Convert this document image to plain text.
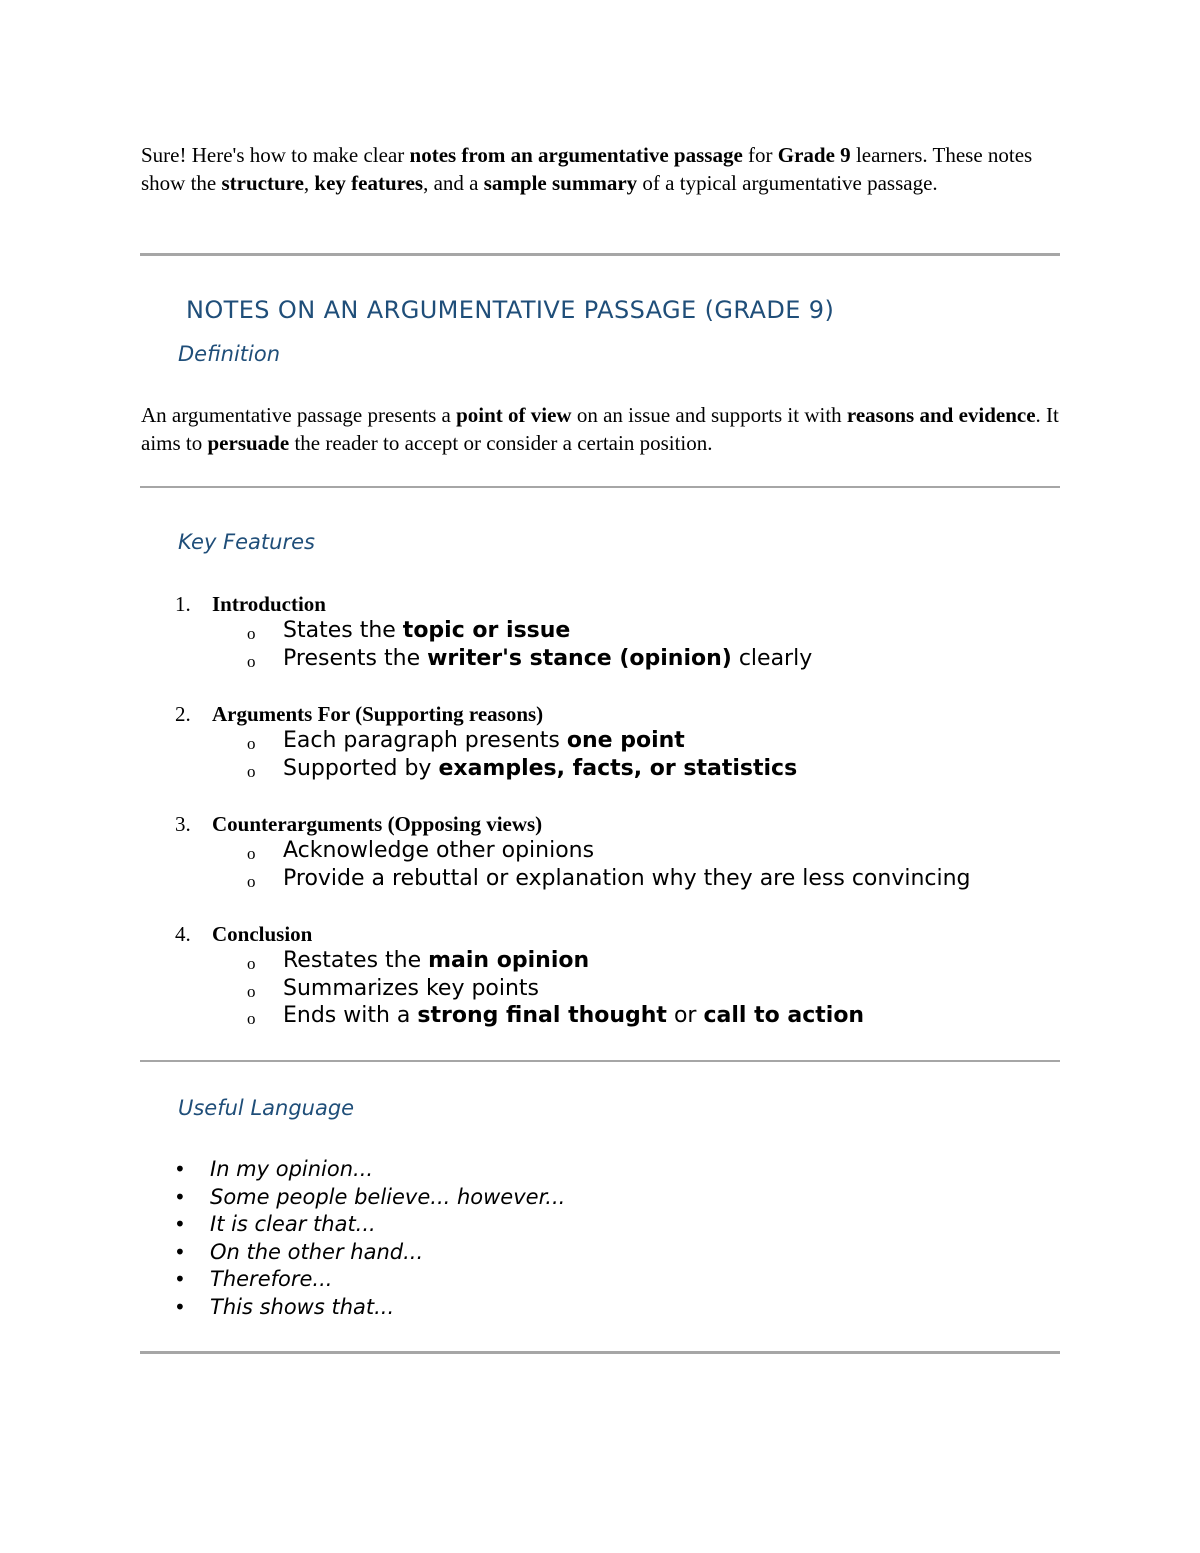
Sure! Here's how to make clear notes from an argumentative passage for Grade 9 learners. These notes show the structure, key features, and a sample summary of a typical argumentative passage.

NOTES ON AN ARGUMENTATIVE PASSAGE (GRADE 9)
Definition

An argumentative passage presents a point of view on an issue and supports it with reasons and evidence. It aims to persuade the reader to accept or consider a certain position.

Key Features
1. Introduction
o States the topic or issue
o Presents the writer's stance (opinion) clearly
2. Arguments For (Supporting reasons)
o Each paragraph presents one point
o Supported by examples, facts, or statistics
3. Counterarguments (Opposing views)
o Acknowledge other opinions
o Provide a rebuttal or explanation why they are less convincing
4. Conclusion
o Restates the main opinion
o Summarizes key points
o Ends with a strong final thought or call to action
Useful Language
• In my opinion...
• Some people believe... however...
• It is clear that...
• On the other hand...
• Therefore...
• This shows that...
